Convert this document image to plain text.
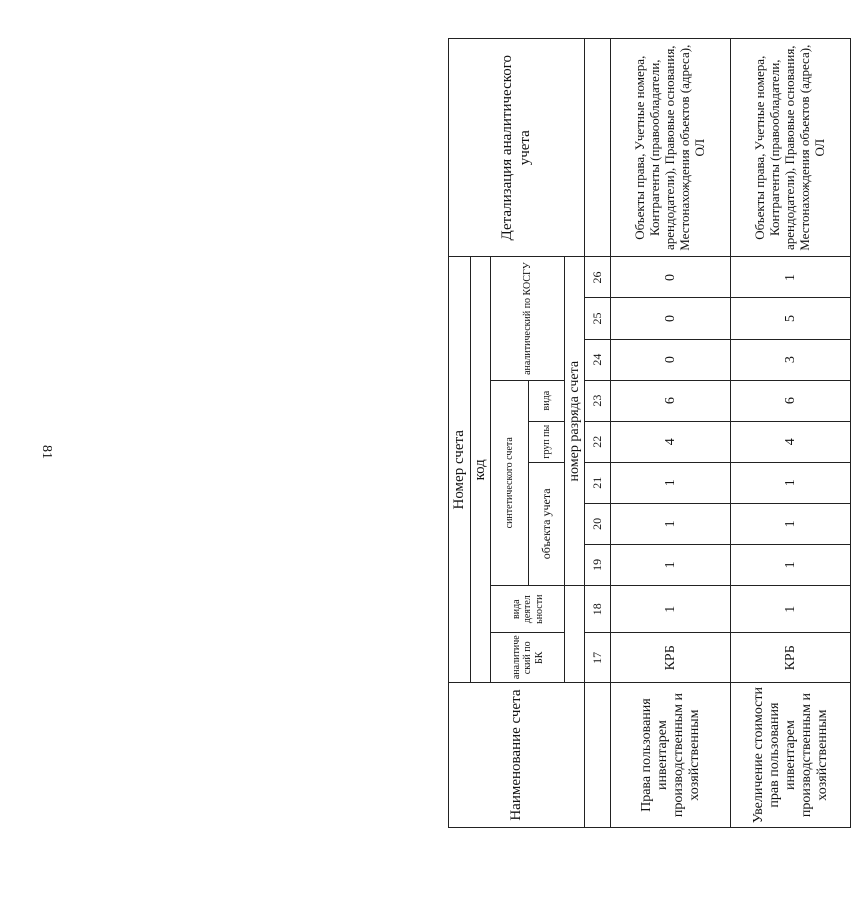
81
Наименование счета	Номер счета										Детализация аналитического учета
	код										
	аналитиче ский по БК	вида деятел ьности	синтетического счета					аналитический по КОСГУ			
			объекта учета			груп пы	вида				
			номер разряда счета								
	17	18	19	20	21	22	23	24	25	26	
Права пользования инвентарем производственным и хозяйственным	КРБ	1	1	1	1	4	6	0	0	0	Объекты права, Учетные номера, Контрагенты (правообладатели, арендодатели), Правовые основания, Местонахождения объектов (адреса), ОЛ
Увеличение стоимости прав пользования инвентарем производственным и хозяйственным	КРБ	1	1	1	1	4	6	3	5	1	Объекты права, Учетные номера, Контрагенты (правообладатели, арендодатели), Правовые основания, Местонахождения объектов (адреса), ОЛ
